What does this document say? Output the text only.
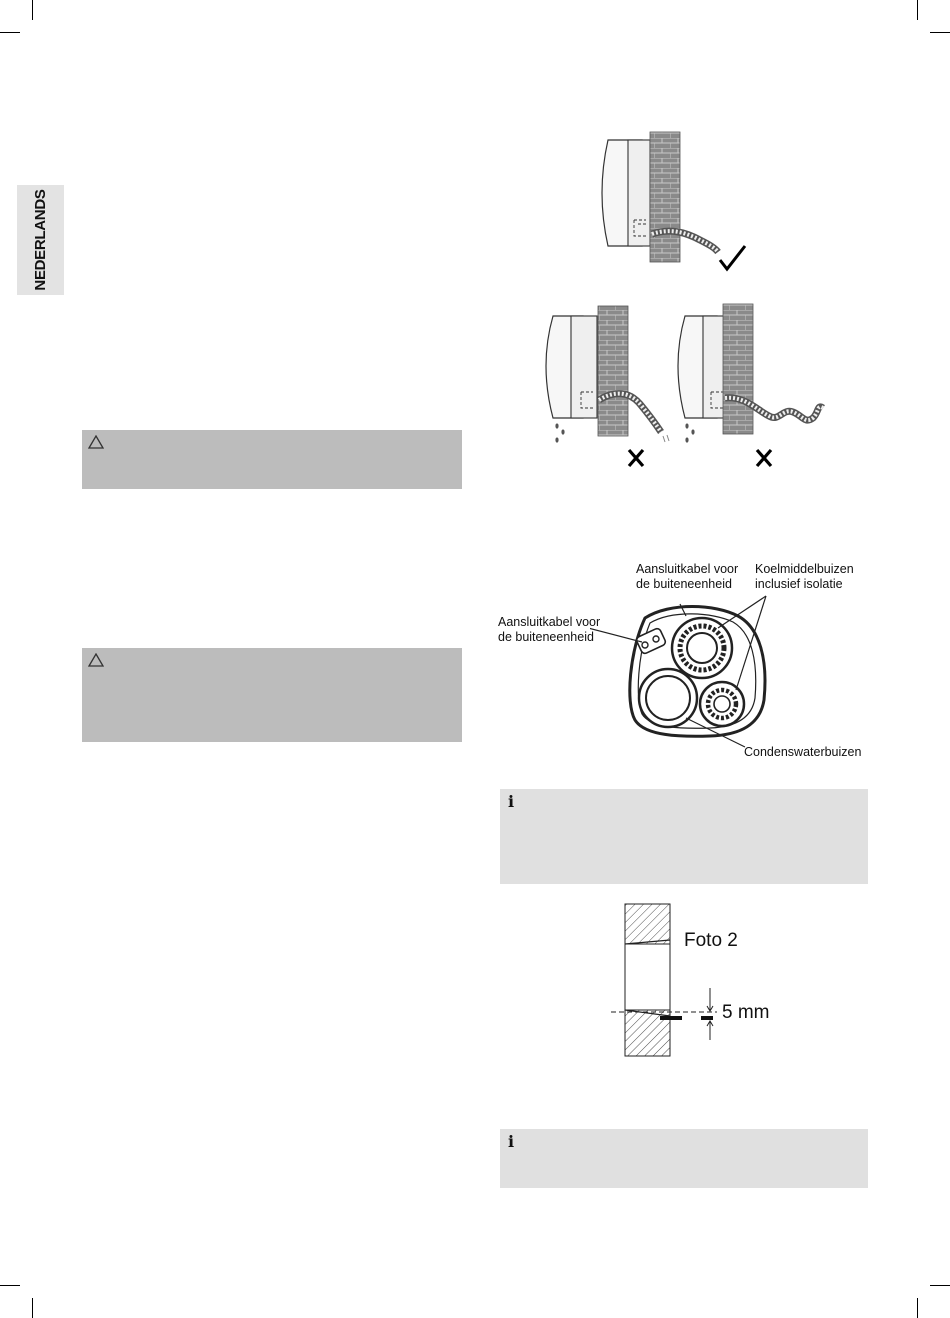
NEDERLANDS
i
i
Aansluitkabel voor
de buiteneenheid
Koelmiddelbuizen
inclusief isolatie
Aansluitkabel voor
de buiteneenheid
Condenswaterbuizen
Foto 2
5 mm
